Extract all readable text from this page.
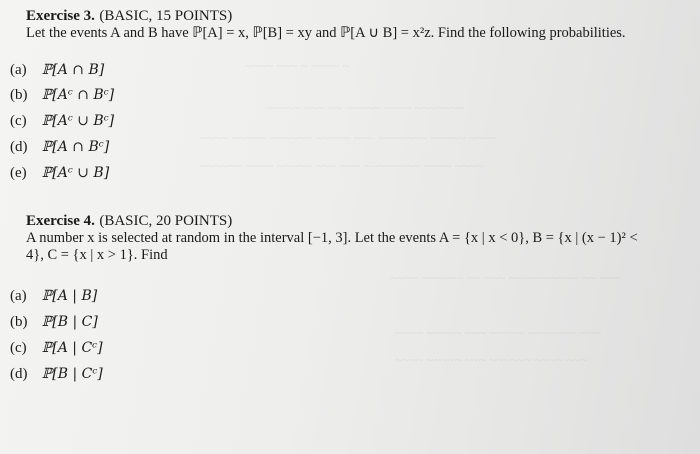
~~~~ ~~~ ~ ~~~~ ~
~~~~~ ~~~ ~~ ~~~~~ ~~~~ ~~~~~~~
~~~~ ~~~~~ ~~~~~~ ~~~~~ ~~~ ~~~~~~~ ~~~~~ ~~~~
~~~~~~ ~~~~ ~~~~~ ~~~ ~~~ ~~~~~~~~ ~~~~ ~~~~
~~~~ ~~~~~~ ~~ ~~~ ~~~~~~~~~~ ~~ ~~~
~~~~ ~~~~~ ~~~ ~~~~~ ~~~~~~~ ~~~
~~~~ ~~~~~ ~~~ ~~~~~~ ~~~~ ~~~
Exercise 3. (BASIC, 15 POINTS)
Let the events A and B have ℙ[A] = x, ℙ[B] = xy and ℙ[A ∪ B] = x²z. Find the following probabilities.
(a) ℙ[A ∩ B]
(b) ℙ[Aᶜ ∩ Bᶜ]
(c) ℙ[Aᶜ ∪ Bᶜ]
(d) ℙ[A ∩ Bᶜ]
(e) ℙ[Aᶜ ∪ B]
Exercise 4. (BASIC, 20 POINTS)
A number x is selected at random in the interval [−1, 3]. Let the events A = {x | x < 0}, B = {x | (x − 1)² <
4}, C = {x | x > 1}. Find
(a) ℙ[A | B]
(b) ℙ[B | C]
(c) ℙ[A | Cᶜ]
(d) ℙ[B | Cᶜ]
